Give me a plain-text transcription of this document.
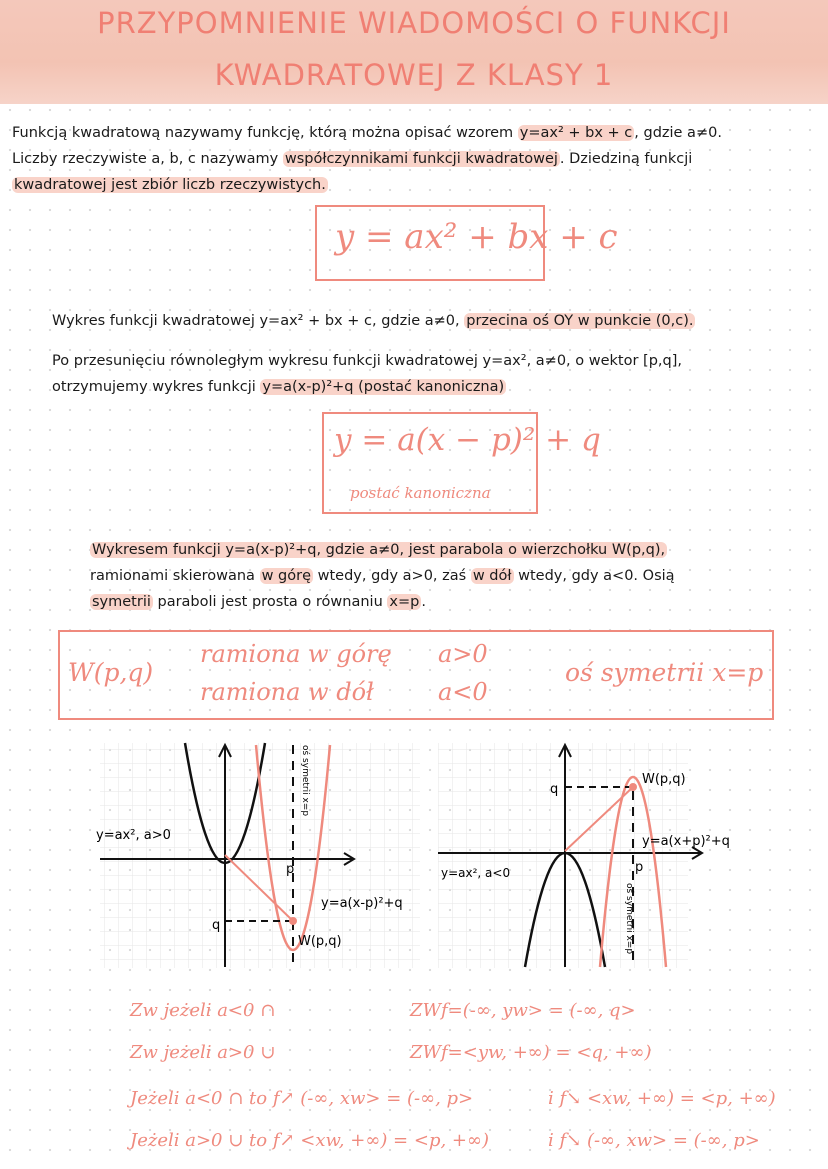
PRZYPOMNIENIE WIADOMOŚCI O FUNKCJI
KWADRATOWEJ Z KLASY 1

Funkcją kwadratową nazywamy funkcję, którą można opisać wzorem y=ax² + bx + c , gdzie a≠0.
Liczby rzeczywiste a, b, c nazywamy współczynnikami funkcji kwadratowej . Dziedziną funkcji
kwadratowej jest zbiór liczb rzeczywistych.

y = ax² + bx + c

Wykres funkcji kwadratowej y=ax² + bx + c, gdzie a≠0, przecina oś OY w punkcie (0,c).

Po przesunięciu równoległym wykresu funkcji kwadratowej y=ax², a≠0, o wektor [p,q],
otrzymujemy wykres funkcji y=a(x-p)²+q (postać kanoniczna)

y = a(x − p)² + q
postać kanoniczna

Wykresem funkcji y=a(x-p)²+q, gdzie a≠0, jest parabola o wierzchołku W(p,q),
ramionami skierowana w górę wtedy, gdy a>0, zaś w dół wtedy, gdy a<0. Osią
symetrii paraboli jest prosta o równaniu x=p .

W(p,q)
ramiona w górę a>0
ramiona w dół	a<0
oś symetrii x=p
y=ax², a>0
p
q
y=a(x-p)²+q
W(p,q)
oś symetrii x=p
y=ax², a<0	p
q
y=a(x+p)²+q
W(p,q)
oś symetrii x=p
Zw jeżeli a<0 ∩	ZWf=(-∞, yw> = (-∞, q>
Zw jeżeli a>0 ∪	ZWf=<yw, +∞) = <q, +∞)
Jeżeli a<0 ∩ to f↗ (-∞, xw> = (-∞, p>	i f↘ <xw, +∞) = <p, +∞)
Jeżeli a>0 ∪ to f↗ <xw, +∞) = <p, +∞)	i f↘ (-∞, xw> = (-∞, p>
